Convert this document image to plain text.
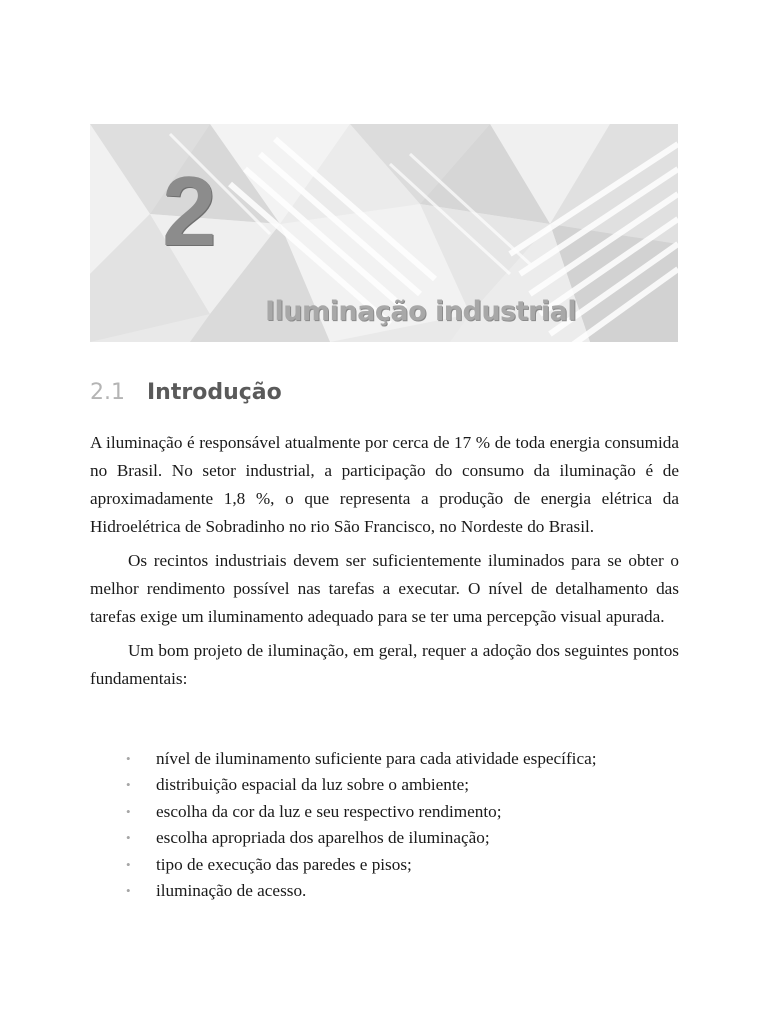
2
Iluminação industrial
2.1 Introdução

A iluminação é responsável atualmente por cerca de 17 % de toda energia consumida no Brasil. No setor industrial, a participação do consumo da iluminação é de aproximadamente 1,8 %, o que representa a produção de energia elétrica da Hidroelétrica de Sobradinho no rio São Francisco, no Nordeste do Brasil.

Os recintos industriais devem ser suficientemente iluminados para se obter o melhor rendimento possível nas tarefas a executar. O nível de detalhamento das tarefas exige um iluminamento adequado para se ter uma percepção visual apurada.

Um bom projeto de iluminação, em geral, requer a adoção dos seguintes pontos fundamentais:

• nível de iluminamento suficiente para cada atividade específica;
• distribuição espacial da luz sobre o ambiente;
• escolha da cor da luz e seu respectivo rendimento;
• escolha apropriada dos aparelhos de iluminação;
• tipo de execução das paredes e pisos;
• iluminação de acesso.
